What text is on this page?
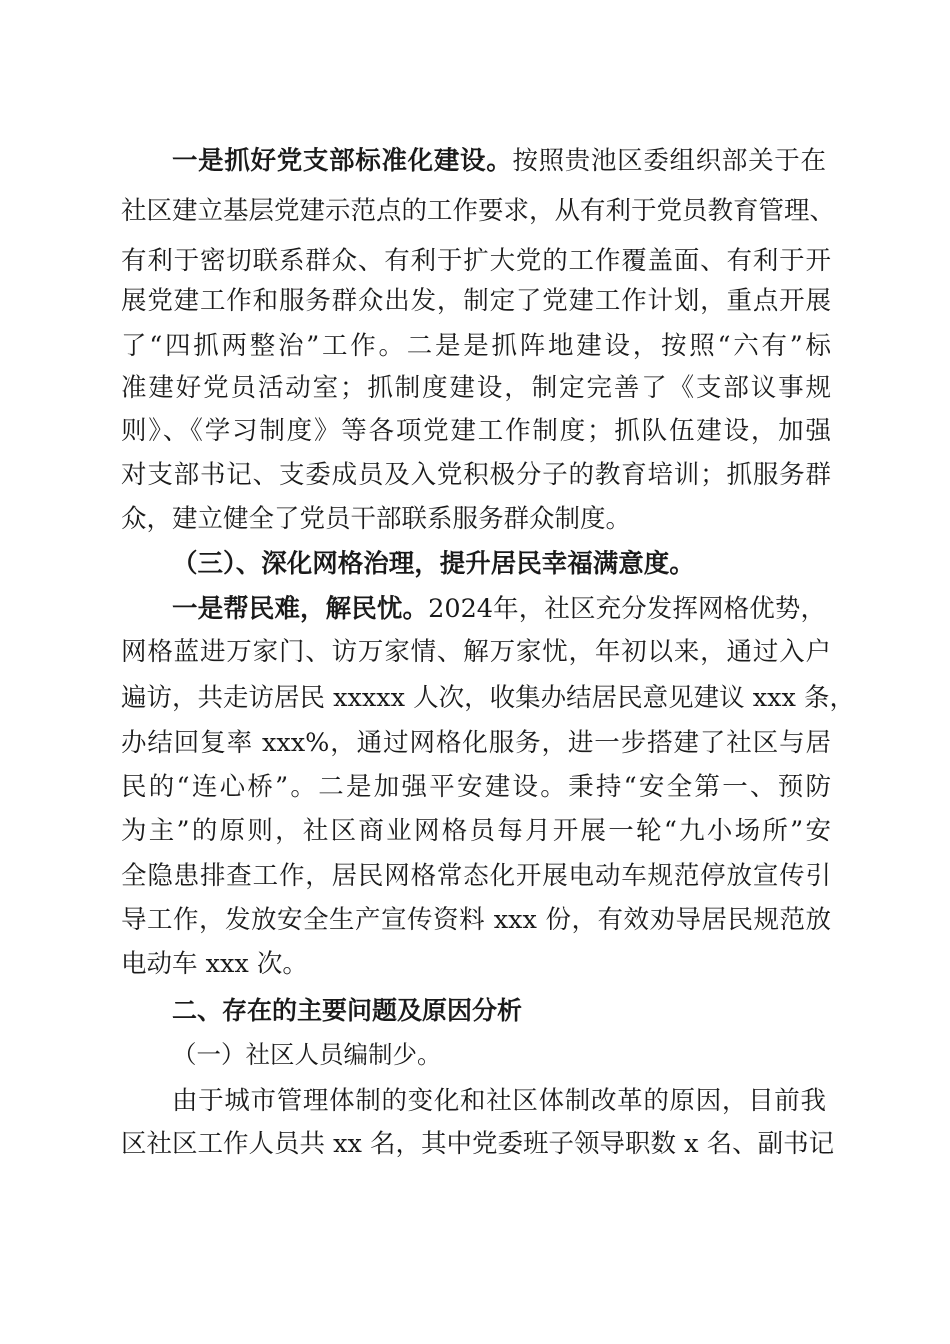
一是抓好党支部标准化建设。按照贵池区委组织部关于在
社区建立基层党建示范点的工作要求，从有利于党员教育管理、
有利于密切联系群众、有利于扩大党的工作覆盖面、有利于开
展党建工作和服务群众出发，制定了党建工作计划，重点开展
了“四抓两整治”工作。二是是抓阵地建设，按照“六有”标
准建好党员活动室；抓制度建设，制定完善了《支部议事规
则》、《学习制度》等各项党建工作制度；抓队伍建设，加强
对支部书记、支委成员及入党积极分子的教育培训；抓服务群
众，建立健全了党员干部联系服务群众制度。
（三）、深化网格治理，提升居民幸福满意度。
一是帮民难，解民忧。2024年，社区充分发挥网格优势，
网格蓝进万家门、访万家情、解万家忧，年初以来，通过入户
遍访，共走访居民 xxxxx 人次，收集办结居民意见建议 xxx 条，
办结回复率 xxx%，通过网格化服务，进一步搭建了社区与居
民的“连心桥”。二是加强平安建设。秉持“安全第一、预防
为主”的原则，社区商业网格员每月开展一轮“九小场所”安
全隐患排查工作，居民网格常态化开展电动车规范停放宣传引
导工作，发放安全生产宣传资料 xxx 份，有效劝导居民规范放
电动车 xxx 次。
二、存在的主要问题及原因分析
（一）社区人员编制少。
由于城市管理体制的变化和社区体制改革的原因，目前我
区社区工作人员共 xx 名，其中党委班子领导职数 x 名、副书记
